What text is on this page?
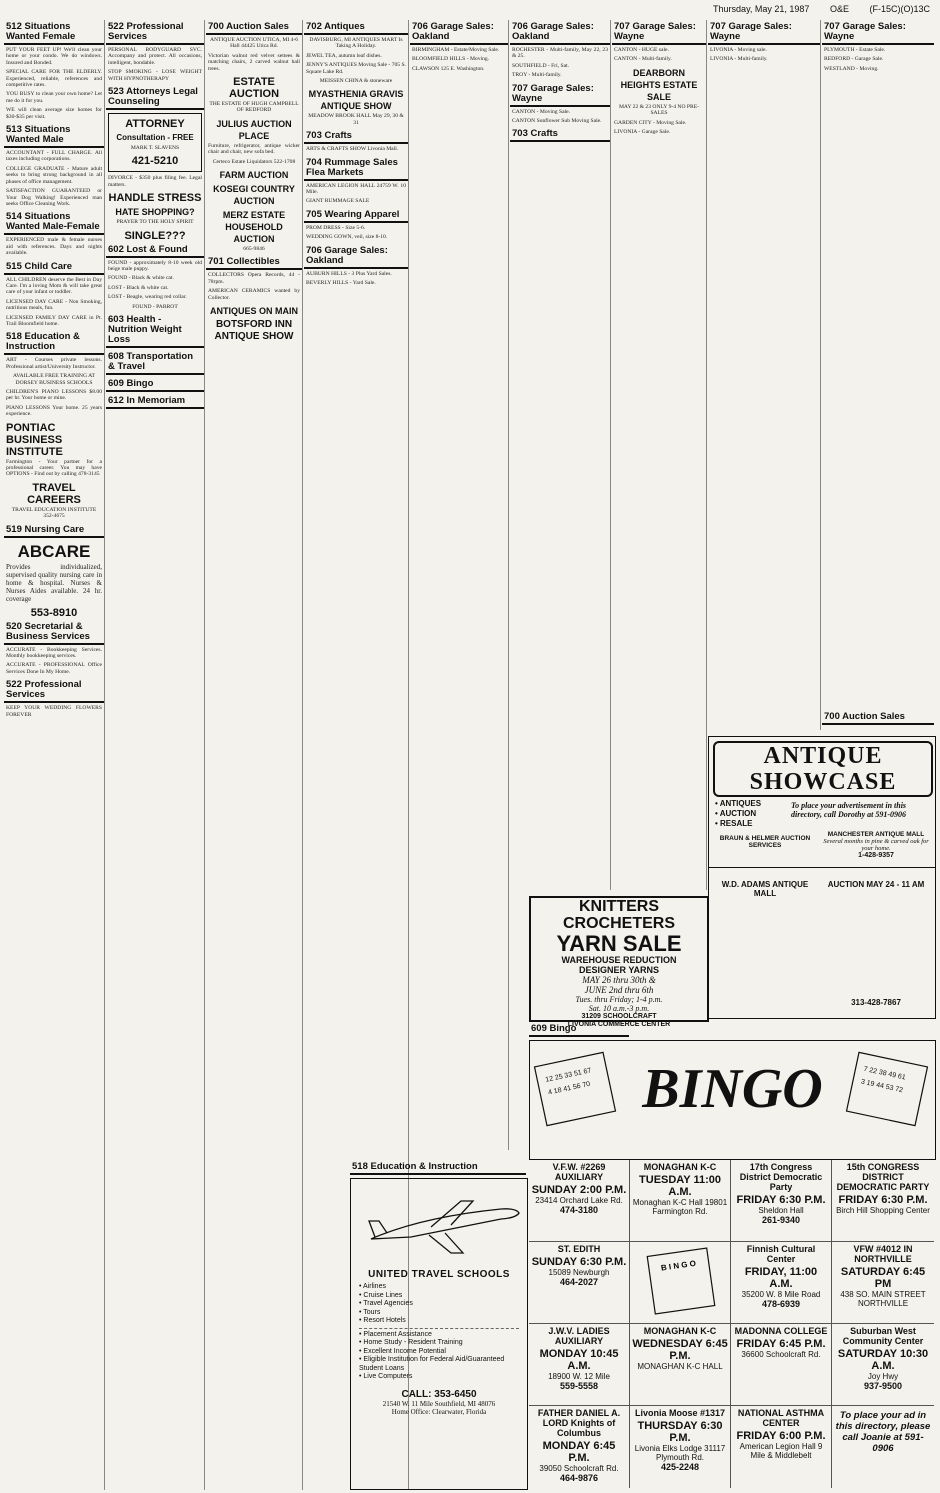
Thursday, May 21, 1987 O&E (F-15C)(O)13C
512 Situations Wanted Female
PUT YOUR FEET UP! We'll clean your home or your condo. We do windows. Insured and Bonded.
SPECIAL CARE FOR THE ELDERLY. Experienced, reliable, references and competitive rates.
YOU BUSY to clean your own home? Let me do it for you.
WE will clean average size homes for $30-$35 per visit.
513 Situations Wanted Male
ACCOUNTANT - FULL CHARGE. All taxes including corporations.
COLLEGE GRADUATE - Mature adult seeks to bring strong background in all phases of office management.
SATISFACTION GUARANTEED or Your Dog Walking! Experienced man seeks Office Cleaning Work.
514 Situations Wanted Male-Female
EXPERIENCED male & female nurses aid with references. Days and nights available.
515 Child Care
ALL CHILDREN deserve the Best in Day Care. I'm a loving Mom & will take great care of your infant or toddler.
LICENSED DAY CARE - Non Smoking, nutritious meals, fun.
LICENSED FAMILY DAY CARE in Pt. Trail Bloomfield home.
518 Education & Instruction
ART - Courses private lessons. Professional artist/University Instructor.
AVAILABLE FREE TRAINING AT DORSEY BUSINESS SCHOOLS
CHILDREN'S PIANO LESSONS $8.00 per hr. Your home or mine.
PIANO LESSONS Your home. 25 years experience.
PONTIAC BUSINESS INSTITUTE
Farmington - Your partner for a professional career. You may have OPTIONS - Find out by calling 478-3145
TRAVEL CAREERS
TRAVEL EDUCATION INSTITUTE 352-4675
519 Nursing Care
ABCARE
Provides individualized, supervised quality nursing care in home & hospital. Nurses & Nurses Aides available. 24 hr. coverage
553-8910
520 Secretarial & Business Services
ACCURATE - Bookkeeping Services. Monthly bookkeeping services.
ACCURATE - PROFESSIONAL Office Services Done In My Home.
522 Professional Services
KEEP YOUR WEDDING FLOWERS FOREVER
522 Professional Services
PERSONAL BODYGUARD SVC. Accompany and protect. All occasions, intelligent, bondable.
STOP SMOKING - LOSE WEIGHT WITH HYPNOTHERAPY
523 Attorneys Legal Counseling
ATTORNEY
Consultation - FREE
MARK T. SLAVENS
421-5210
DIVORCE - $350 plus filing fee. Legal matters.
HANDLE STRESS
HATE SHOPPING?
PRAYER TO THE HOLY SPIRIT
SINGLE???
602 Lost & Found
FOUND - approximately 8-10 week old beige male puppy.
FOUND - Black & white cat.
LOST - Black & white cat.
LOST - Beagle, wearing red collar.
FOUND - PARROT
603 Health - Nutrition Weight Loss
608 Transportation & Travel
609 Bingo
612 In Memoriam
700 Auction Sales
ANTIQUE AUCTION UTICA, MI 4-6 Hall 44425 Utica Rd.
Victorian walnut red velvet settees & matching chairs, 2 carved walnut hall trees.
ESTATE AUCTION
THE ESTATE OF HUGH CAMPBELL OF REDFORD
JULIUS AUCTION PLACE
Furniture, refrigerator, antique wicker chair and chair, new sofa bed.
Certeco Estate Liquidators 522-1708
FARM AUCTION
KOSEGI COUNTRY AUCTION
MERZ ESTATE HOUSEHOLD AUCTION
665-9846
701 Collectibles
COLLECTORS Opera Records, 44 - 78rpm.
AMERICAN CERAMICS wanted by Collector.
ANTIQUES ON MAIN
BOTSFORD INN ANTIQUE SHOW
702 Antiques
DAVISBURG, MI ANTIQUES MART Is Taking A Holiday.
JEWEL TEA, autumn leaf dishes.
JENNY'S ANTIQUES Moving Sale - 705 S. Square Lake Rd.
MEISSEN CHINA & stoneware
MYASTHENIA GRAVIS ANTIQUE SHOW
MEADOW BROOK HALL May 29, 30 & 31
703 Crafts
ARTS & CRAFTS SHOW Livonia Mall.
704 Rummage Sales Flea Markets
AMERICAN LEGION HALL 24759 W. 10 Mile.
GIANT RUMMAGE SALE
705 Wearing Apparel
PROM DRESS - Size 5-6.
WEDDING GOWN, veil, size 8-10.
706 Garage Sales: Oakland
AUBURN HILLS - 3 Plus Yard Sales.
BEVERLY HILLS - Yard Sale.
706 Garage Sales: Oakland
BIRMINGHAM - Estate/Moving Sale.
BLOOMFIELD HILLS - Moving.
CLAWSON 125 E. Washington.
706 Garage Sales: Oakland
ROCHESTER - Multi-family, May 22, 23 & 25.
SOUTHFIELD - Fri, Sat.
TROY - Multi-family.
707 Garage Sales: Wayne
CANTON - Moving Sale.
CANTON Sunflower Sub Moving Sale.
703 Crafts
707 Garage Sales: Wayne
CANTON - HUGE sale.
CANTON - Multi-family.
DEARBORN HEIGHTS ESTATE SALE
MAY 22 & 23 ONLY 9-4 NO PRE-SALES
GARDEN CITY - Moving Sale.
LIVONIA - Garage Sale.
707 Garage Sales: Wayne
LIVONIA - Moving sale.
LIVONIA - Multi-family.
707 Garage Sales: Wayne
PLYMOUTH - Estate Sale.
REDFORD - Garage Sale.
WESTLAND - Moving.
700 Auction Sales
ANTIQUE SHOWCASE
• ANTIQUES
• AUCTION
• RESALE
To place your advertisement in this directory, call Dorothy at 591-0906
BRAUN & HELMER AUCTION SERVICES
MANCHESTER ANTIQUE MALL
Several months in pine & carved oak for your home.
1-428-9357
W.D. ADAMS ANTIQUE MALL
AUCTION MAY 24 - 11 AM
313-428-7867
KNITTERS
CROCHETERS
YARN SALE
WAREHOUSE REDUCTION
DESIGNER YARNS
MAY 26 thru 30th &
JUNE 2nd thru 6th
Tues. thru Friday; 1-4 p.m.
Sat. 10 a.m.-3 p.m.
31209 SCHOOLCRAFT
LIVONIA COMMERCE CENTER
609 Bingo
12 25 33 51 67
4 18 41 56 70
7 22 38 49 61
3 19 44 53 72
BINGO
V.F.W. #2269 AUXILIARY
SUNDAY 2:00 P.M.
23414 Orchard Lake Rd.
474-3180
MONAGHAN K-C
TUESDAY 11:00 A.M.
Monaghan K-C Hall 19801 Farmington Rd.
17th Congress District Democratic Party
FRIDAY 6:30 P.M.
Sheldon Hall
261-9340
15th CONGRESS DISTRICT DEMOCRATIC PARTY
FRIDAY 6:30 P.M.
Birch Hill Shopping Center
ST. EDITH
SUNDAY 6:30 P.M.
15089 Newburgh
464-2027
B I N G O
Finnish Cultural Center
FRIDAY, 11:00 A.M.
35200 W. 8 Mile Road
478-6939
VFW #4012 IN NORTHVILLE
SATURDAY 6:45 PM
438 SO. MAIN STREET NORTHVILLE
J.W.V. LADIES AUXILIARY
MONDAY 10:45 A.M.
18900 W. 12 Mile
559-5558
MONAGHAN K-C
WEDNESDAY 6:45 P.M.
MONAGHAN K-C HALL
MADONNA COLLEGE
FRIDAY 6:45 P.M.
36600 Schoolcraft Rd.
Suburban West Community Center
SATURDAY 10:30 A.M.
Joy Hwy
937-9500
FATHER DANIEL A. LORD Knights of Columbus
MONDAY 6:45 P.M.
39050 Schoolcraft Rd.
464-9876
Livonia Moose #1317
THURSDAY 6:30 P.M.
Livonia Elks Lodge 31117 Plymouth Rd.
425-2248
NATIONAL ASTHMA CENTER
FRIDAY 6:00 P.M.
American Legion Hall 9 Mile & Middlebelt
To place your ad in this directory, please call Joanie at 591-0906
518 Education & Instruction
UNITED TRAVEL SCHOOLS
• Airlines
• Cruise Lines
• Travel Agencies
• Tours
• Resort Hotels
• Placement Assistance
• Home Study - Resident Training
• Excellent Income Potential
• Eligible Institution for Federal Aid/Guaranteed Student Loans
• Live Computers
CALL: 353-6450
21540 W. 11 Mile Southfield, MI 48076
Home Office: Clearwater, Florida
